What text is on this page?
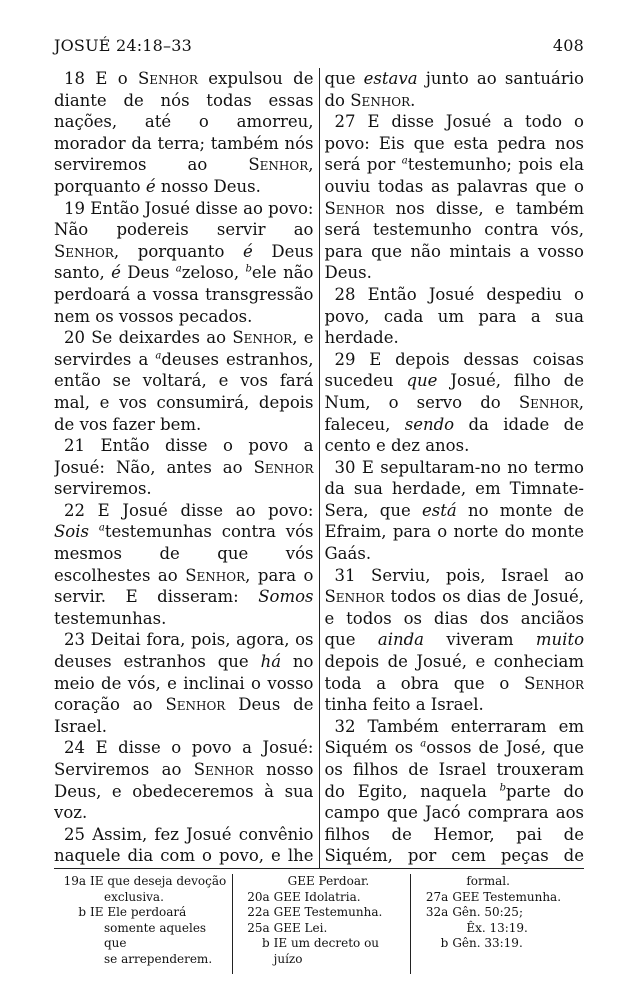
JOSUÉ 24:18–33	408

18 E o Senhor expulsou de diante de nós todas essas nações, até o amorreu, morador da terra; também nós serviremos ao Senhor, porquanto é nosso Deus.

19 Então Josué disse ao povo: Não podereis servir ao Senhor, porquanto é Deus santo, é Deus $^a$zeloso, $^b$ele não perdoará a vossa transgressão nem os vossos pecados.

20 Se deixardes ao Senhor, e servirdes a $^a$deuses estranhos, então se voltará, e vos fará mal, e vos consumirá, depois de vos fazer bem.

21 Então disse o povo a Josué: Não, antes ao Senhor serviremos.

22 E Josué disse ao povo: Sois $^a$testemunhas contra vós mesmos de que vós escolhestes ao Senhor, para o servir. E disseram: Somos testemunhas.

23 Deitai fora, pois, agora, os deuses estranhos que há no meio de vós, e inclinai o vosso coração ao Senhor Deus de Israel.

24 E disse o povo a Josué: Serviremos ao Senhor nosso Deus, e obedeceremos à sua voz.

25 Assim, fez Josué convênio naquele dia com o povo, e lhe

que estava junto ao santuário do Senhor.

27 E disse Josué a todo o povo: Eis que esta pedra nos será por $^a$testemunho; pois ela ouviu todas as palavras que o Senhor nos disse, e também será testemunho contra vós, para que não mintais a vosso Deus.

28 Então Josué despediu o povo, cada um para a sua herdade.

29 E depois dessas coisas sucedeu que Josué, filho de Num, o servo do Senhor, faleceu, sendo da idade de cento e dez anos.

30 E sepultaram-no no termo da sua herdade, em Timnate-Sera, que está no monte de Efraim, para o norte do monte Gaás.

31 Serviu, pois, Israel ao Senhor todos os dias de Josué, e todos os dias dos anciãos que ainda viveram muito depois de Josué, e conheciam toda a obra que o Senhor tinha feito a Israel.

32 Também enterraram em Siquém os $^a$ossos de José, que os filhos de Israel trouxeram do Egito, naquela $^b$parte do campo que Jacó comprara aos filhos de Hemor, pai de Siquém, por cem peças de

19a IE que deseja devoção
exclusiva.
b IE Ele perdoará
somente aqueles que
se arrependerem.
GEE Perdoar.
20a GEE Idolatria.
22a GEE Testemunha.
25a GEE Lei.
b IE um decreto ou juízo
formal.
27a GEE Testemunha.
32a Gên. 50:25;
Êx. 13:19.
b Gên. 33:19.
